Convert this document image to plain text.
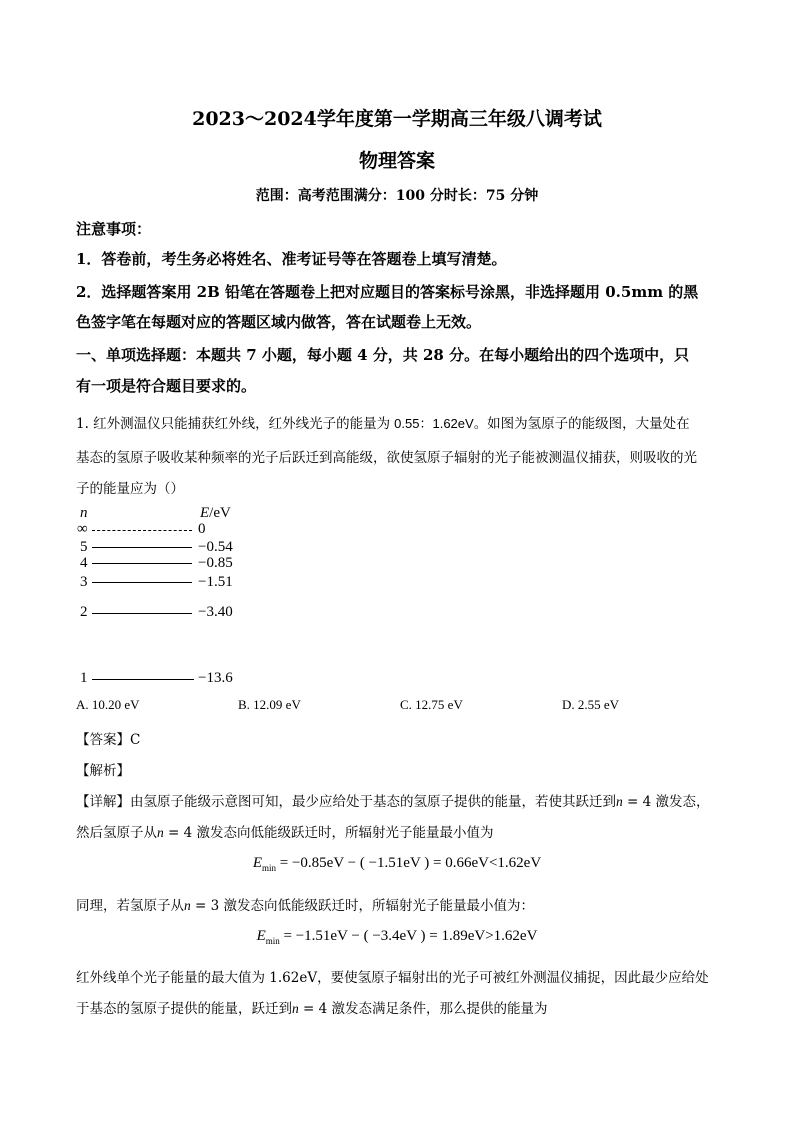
2023～2024学年度第一学期高三年级八调考试
物理答案
范围：高考范围满分：100 分时长：75 分钟
注意事项：
1．答卷前，考生务必将姓名、准考证号等在答题卷上填写清楚。
2．选择题答案用 2B 铅笔在答题卷上把对应题目的答案标号涂黑，非选择题用 0.5mm 的黑
色签字笔在每题对应的答题区域内做答，答在试题卷上无效。
一、单项选择题：本题共 7 小题，每小题 4 分，共 28 分。在每小题给出的四个选项中，只
有一项是符合题目要求的。
1. 红外测温仪只能捕获红外线，红外线光子的能量为 0.55：1.62eV。如图为氢原子的能级图，大量处在
基态的氢原子吸收某种频率的光子后跃迁到高能级，欲使氢原子辐射的光子能被测温仪捕获，则吸收的光
子的能量应为（）
n	E/eV
∞	0
5	−0.54
4	−0.85
3	−1.51
2	−3.40
1	−13.6
A. 10.20 eV	B. 12.09 eV	C. 12.75 eV	D. 2.55 eV
【答案】C
【解析】
【详解】由氢原子能级示意图可知，最少应给处于基态的氢原子提供的能量，若使其跃迁到n = 4 激发态，
然后氢原子从n = 4 激发态向低能级跃迁时，所辐射光子能量最小值为
$E_{min} = -0.85eV$ − ( −1.51eV ) = 0.66eV<1.62eV
同理，若氢原子从n = 3 激发态向低能级跃迁时，所辐射光子能量最小值为：
$E_{min} = -1.51eV$ − ( −3.4eV ) = 1.89eV>1.62eV
红外线单个光子能量的最大值为 1.62eV，要使氢原子辐射出的光子可被红外测温仪捕捉，因此最少应给处
于基态的氢原子提供的能量，跃迁到n = 4 激发态满足条件，那么提供的能量为
